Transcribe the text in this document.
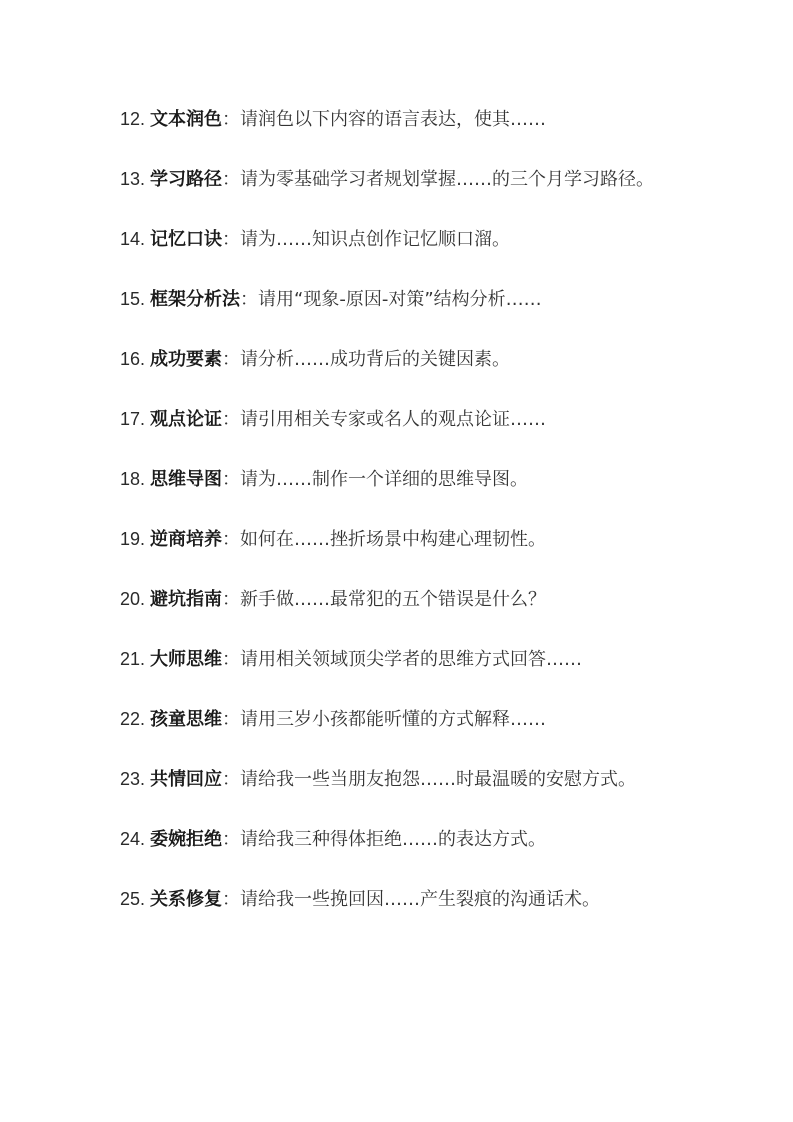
12. 文本润色：请润色以下内容的语言表达，使其……

13. 学习路径：请为零基础学习者规划掌握……的三个月学习路径。

14. 记忆口诀：请为……知识点创作记忆顺口溜。

15. 框架分析法：请用“现象-原因-对策”结构分析……

16. 成功要素：请分析……成功背后的关键因素。

17. 观点论证：请引用相关专家或名人的观点论证……

18. 思维导图：请为……制作一个详细的思维导图。

19. 逆商培养：如何在……挫折场景中构建心理韧性。

20. 避坑指南：新手做……最常犯的五个错误是什么？

21. 大师思维：请用相关领域顶尖学者的思维方式回答……

22. 孩童思维：请用三岁小孩都能听懂的方式解释……

23. 共情回应：请给我一些当朋友抱怨……时最温暖的安慰方式。

24. 委婉拒绝：请给我三种得体拒绝……的表达方式。

25. 关系修复：请给我一些挽回因……产生裂痕的沟通话术。
